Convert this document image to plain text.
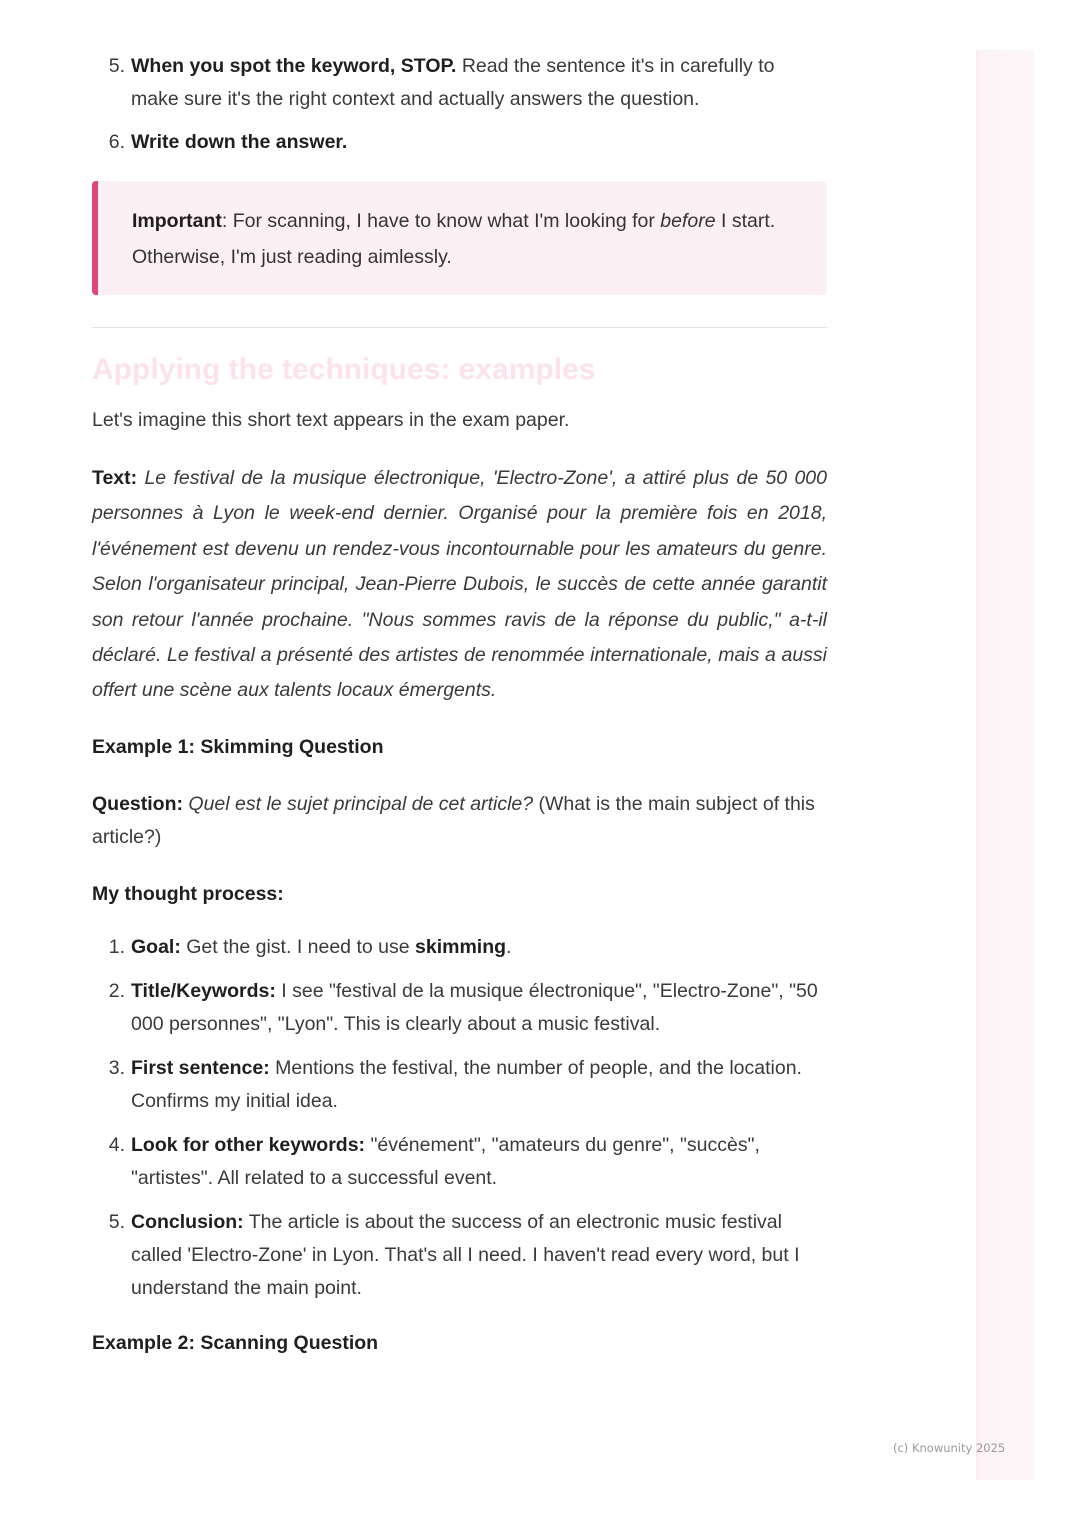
5. When you spot the keyword, STOP. Read the sentence it's in carefully to make sure it's the right context and actually answers the question.
6. Write down the answer.
Important: For scanning, I have to know what I'm looking for before I start. Otherwise, I'm just reading aimlessly.
Applying the techniques: examples

Let's imagine this short text appears in the exam paper.

Text: Le festival de la musique électronique, 'Electro-Zone', a attiré plus de 50 000 personnes à Lyon le week-end dernier. Organisé pour la première fois en 2018, l'événement est devenu un rendez-vous incontournable pour les amateurs du genre. Selon l'organisateur principal, Jean-Pierre Dubois, le succès de cette année garantit son retour l'année prochaine. "Nous sommes ravis de la réponse du public," a-t-il déclaré. Le festival a présenté des artistes de renommée internationale, mais a aussi offert une scène aux talents locaux émergents.

Example 1: Skimming Question

Question: Quel est le sujet principal de cet article? (What is the main subject of this article?)

My thought process:

1. Goal: Get the gist. I need to use skimming.
2. Title/Keywords: I see "festival de la musique électronique", "Electro-Zone", "50 000 personnes", "Lyon". This is clearly about a music festival.
3. First sentence: Mentions the festival, the number of people, and the location. Confirms my initial idea.
4. Look for other keywords: "événement", "amateurs du genre", "succès", "artistes". All related to a successful event.
5. Conclusion: The article is about the success of an electronic music festival called 'Electro-Zone' in Lyon. That's all I need. I haven't read every word, but I understand the main point.

Example 2: Scanning Question

(c) Knowunity 2025
